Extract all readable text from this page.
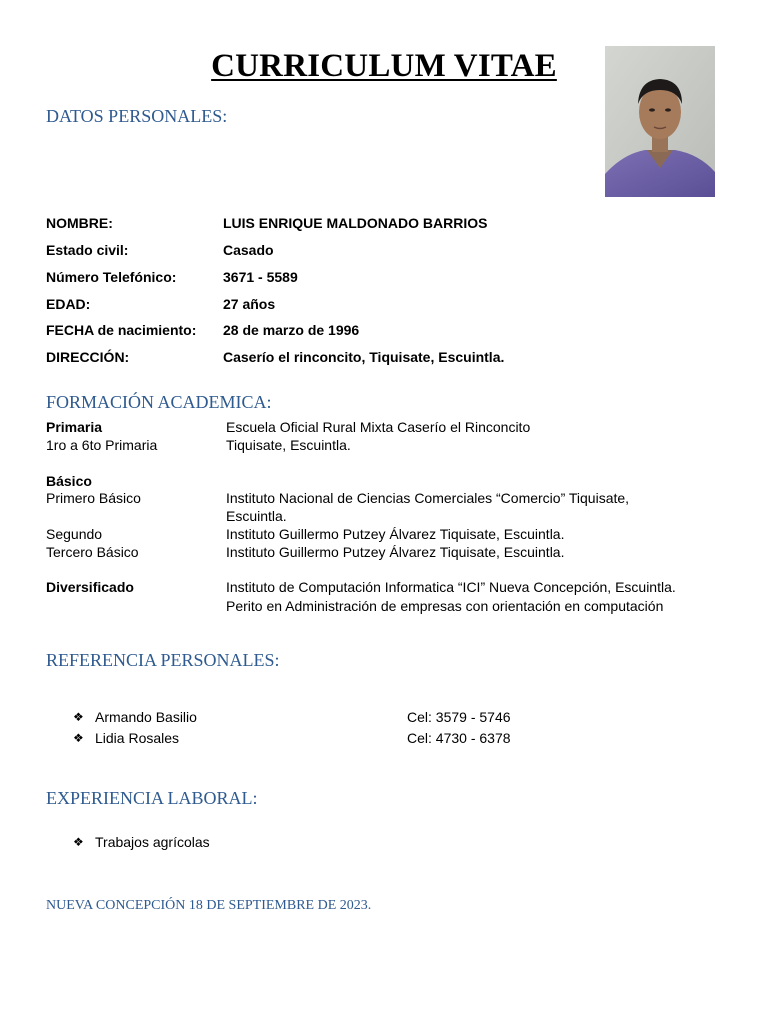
CURRICULUM VITAE
DATOS PERSONALES:
NOMBRE:	LUIS ENRIQUE MALDONADO BARRIOS
Estado civil:	Casado
Número Telefónico:	3671 - 5589
EDAD:	27 años
FECHA de nacimiento:	28 de marzo de 1996
DIRECCIÓN:	Caserío el rinconcito, Tiquisate, Escuintla.
FORMACIÓN ACADEMICA:
Primaria	Escuela Oficial Rural Mixta Caserío el Rinconcito
1ro a 6to Primaria	Tiquisate, Escuintla.
Básico
Primero Básico	Instituto Nacional de Ciencias Comerciales “Comercio” Tiquisate,
Escuintla.
Segundo	Instituto Guillermo Putzey Álvarez Tiquisate, Escuintla.
Tercero Básico	Instituto Guillermo Putzey Álvarez Tiquisate, Escuintla.
Diversificado	Instituto de Computación Informatica “ICI” Nueva Concepción, Escuintla.
Perito en Administración de empresas con orientación en computación
REFERENCIA PERSONALES:
❖ Armando Basilio	Cel: 3579 - 5746
❖ Lidia Rosales	Cel: 4730 - 6378
EXPERIENCIA LABORAL:
❖ Trabajos agrícolas
NUEVA CONCEPCIÓN 18 DE SEPTIEMBRE DE 2023.
